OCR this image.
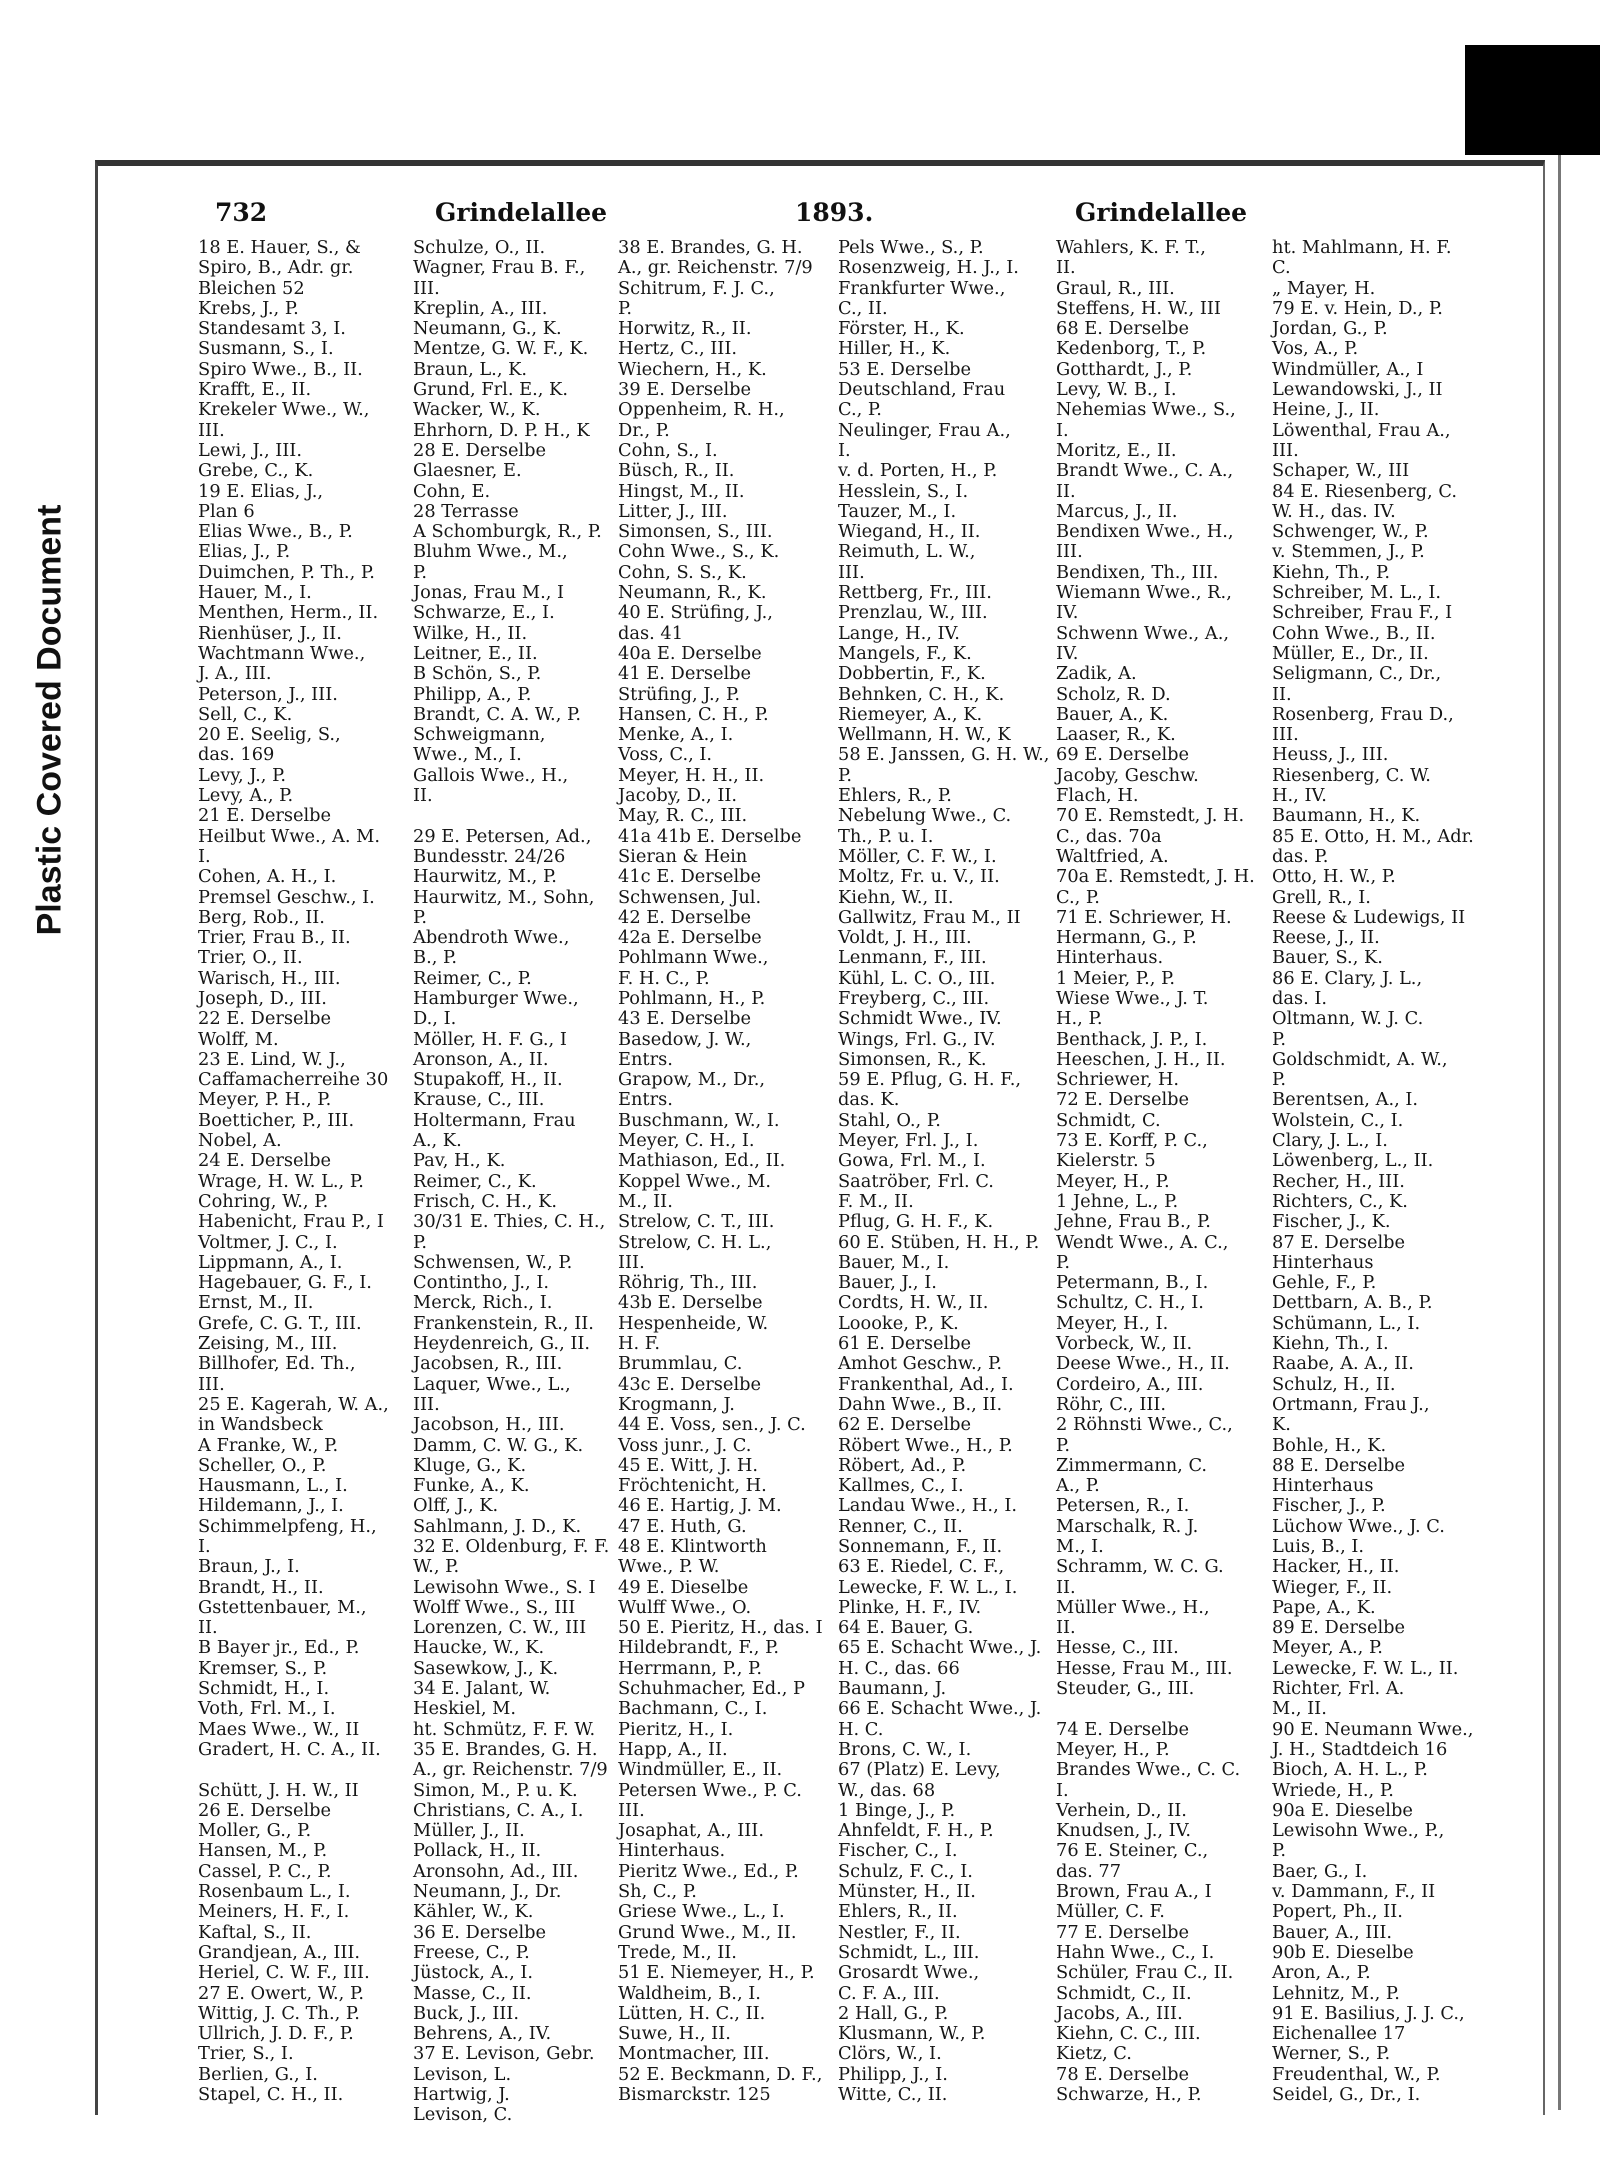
Plastic Covered Document
732	Grindelallee	1893.	Grindelallee
18 E. Hauer, S., &
Spiro, B., Adr. gr.
Bleichen 52
Krebs, J., P.
Standesamt 3, I.
Susmann, S., I.
Spiro Wwe., B., II.
Krafft, E., II.
Krekeler Wwe., W.,
III.
Lewi, J., III.
Grebe, C., K.
19 E. Elias, J.,
Plan 6
Elias Wwe., B., P.
Elias, J., P.
Duimchen, P. Th., P.
Hauer, M., I.
Menthen, Herm., II.
Rienhüser, J., II.
Wachtmann Wwe.,
J. A., III.
Peterson, J., III.
Sell, C., K.
20 E. Seelig, S.,
das. 169
Levy, J., P.
Levy, A., P.
21 E. Derselbe
Heilbut Wwe., A. M.
I.
Cohen, A. H., I.
Premsel Geschw., I.
Berg, Rob., II.
Trier, Frau B., II.
Trier, O., II.
Warisch, H., III.
Joseph, D., III.
22 E. Derselbe
Wolff, M.
23 E. Lind, W. J.,
Caffamacherreihe 30
Meyer, P. H., P.
Boetticher, P., III.
Nobel, A.
24 E. Derselbe
Wrage, H. W. L., P.
Cohring, W., P.
Habenicht, Frau P., I
Voltmer, J. C., I.
Lippmann, A., I.
Hagebauer, G. F., I.
Ernst, M., II.
Grefe, C. G. T., III.
Zeising, M., III.
Billhofer, Ed. Th.,
III.
25 E. Kagerah, W. A.,
in Wandsbeck
A Franke, W., P.
Scheller, O., P.
Hausmann, L., I.
Hildemann, J., I.
Schimmelpfeng, H.,
I.
Braun, J., I.
Brandt, H., II.
Gstettenbauer, M.,
II.
B Bayer jr., Ed., P.
Kremser, S., P.
Schmidt, H., I.
Voth, Frl. M., I.
Maes Wwe., W., II
Gradert, H. C. A., II.
Schütt, J. H. W., II
26 E. Derselbe
Moller, G., P.
Hansen, M., P.
Cassel, P. C., P.
Rosenbaum L., I.
Meiners, H. F., I.
Kaftal, S., II.
Grandjean, A., III.
Heriel, C. W. F., III.
27 E. Owert, W., P.
Wittig, J. C. Th., P.
Ullrich, J. D. F., P.
Trier, S., I.
Berlien, G., I.
Stapel, C. H., II.
Schulze, O., II.
Wagner, Frau B. F.,
III.
Kreplin, A., III.
Neumann, G., K.
Mentze, G. W. F., K.
Braun, L., K.
Grund, Frl. E., K.
Wacker, W., K.
Ehrhorn, D. P. H., K
28 E. Derselbe
Glaesner, E.
Cohn, E.
28 Terrasse
A Schomburgk, R., P.
Bluhm Wwe., M.,
P.
Jonas, Frau M., I
Schwarze, E., I.
Wilke, H., II.
Leitner, E., II.
B Schön, S., P.
Philipp, A., P.
Brandt, C. A. W., P.
Schweigmann,
Wwe., M., I.
Gallois Wwe., H.,
II.
29 E. Petersen, Ad.,
Bundesstr. 24/26
Haurwitz, M., P.
Haurwitz, M., Sohn,
P.
Abendroth Wwe.,
B., P.
Reimer, C., P.
Hamburger Wwe.,
D., I.
Möller, H. F. G., I
Aronson, A., II.
Stupakoff, H., II.
Krause, C., III.
Holtermann, Frau
A., K.
Pav, H., K.
Reimer, C., K.
Frisch, C. H., K.
30/31 E. Thies, C. H.,
P.
Schwensen, W., P.
Contintho, J., I.
Merck, Rich., I.
Frankenstein, R., II.
Heydenreich, G., II.
Jacobsen, R., III.
Laquer, Wwe., L.,
III.
Jacobson, H., III.
Damm, C. W. G., K.
Kluge, G., K.
Funke, A., K.
Olff, J., K.
Sahlmann, J. D., K.
32 E. Oldenburg, F. F.
W., P.
Lewisohn Wwe., S. I
Wolff Wwe., S., III
Lorenzen, C. W., III
Haucke, W., K.
Sasewkow, J., K.
34 E. Jalant, W.
Heskiel, M.
ht. Schmütz, F. F. W.
35 E. Brandes, G. H.
A., gr. Reichenstr. 7/9
Simon, M., P. u. K.
Christians, C. A., I.
Müller, J., II.
Pollack, H., II.
Aronsohn, Ad., III.
Neumann, J., Dr.
Kähler, W., K.
36 E. Derselbe
Freese, C., P.
Jüstock, A., I.
Masse, C., II.
Buck, J., III.
Behrens, A., IV.
37 E. Levison, Gebr.
Levison, L.
Hartwig, J.
Levison, C.
38 E. Brandes, G. H.
A., gr. Reichenstr. 7/9
Schitrum, F. J. C.,
P.
Horwitz, R., II.
Hertz, C., III.
Wiechern, H., K.
39 E. Derselbe
Oppenheim, R. H.,
Dr., P.
Cohn, S., I.
Büsch, R., II.
Hingst, M., II.
Litter, J., III.
Simonsen, S., III.
Cohn Wwe., S., K.
Cohn, S. S., K.
Neumann, R., K.
40 E. Strüfing, J.,
das. 41
40a E. Derselbe
41 E. Derselbe
Strüfing, J., P.
Hansen, C. H., P.
Menke, A., I.
Voss, C., I.
Meyer, H. H., II.
Jacoby, D., II.
May, R. C., III.
41a 41b E. Derselbe
Sieran & Hein
41c E. Derselbe
Schwensen, Jul.
42 E. Derselbe
42a E. Derselbe
Pohlmann Wwe.,
F. H. C., P.
Pohlmann, H., P.
43 E. Derselbe
Basedow, J. W.,
Entrs.
Grapow, M., Dr.,
Entrs.
Buschmann, W., I.
Meyer, C. H., I.
Mathiason, Ed., II.
Koppel Wwe., M.
M., II.
Strelow, C. T., III.
Strelow, C. H. L.,
III.
Röhrig, Th., III.
43b E. Derselbe
Hespenheide, W.
H. F.
Brummlau, C.
43c E. Derselbe
Krogmann, J.
44 E. Voss, sen., J. C.
Voss junr., J. C.
45 E. Witt, J. H.
Fröchtenicht, H.
46 E. Hartig, J. M.
47 E. Huth, G.
48 E. Klintworth
Wwe., P. W.
49 E. Dieselbe
Wulff Wwe., O.
50 E. Pieritz, H., das. I
Hildebrandt, F., P.
Herrmann, P., P.
Schuhmacher, Ed., P
Bachmann, C., I.
Pieritz, H., I.
Happ, A., II.
Windmüller, E., II.
Petersen Wwe., P. C.
III.
Josaphat, A., III.
Hinterhaus.
Pieritz Wwe., Ed., P.
Sh, C., P.
Griese Wwe., L., I.
Grund Wwe., M., II.
Trede, M., II.
51 E. Niemeyer, H., P.
Waldheim, B., I.
Lütten, H. C., II.
Suwe, H., II.
Montmacher, III.
52 E. Beckmann, D. F.,
Bismarckstr. 125
Pels Wwe., S., P.
Rosenzweig, H. J., I.
Frankfurter Wwe.,
C., II.
Förster, H., K.
Hiller, H., K.
53 E. Derselbe
Deutschland, Frau
C., P.
Neulinger, Frau A.,
I.
v. d. Porten, H., P.
Hesslein, S., I.
Tauzer, M., I.
Wiegand, H., II.
Reimuth, L. W.,
III.
Rettberg, Fr., III.
Prenzlau, W., III.
Lange, H., IV.
Mangels, F., K.
Dobbertin, F., K.
Behnken, C. H., K.
Riemeyer, A., K.
Wellmann, H. W., K
58 E. Janssen, G. H. W.,
P.
Ehlers, R., P.
Nebelung Wwe., C.
Th., P. u. I.
Möller, C. F. W., I.
Moltz, Fr. u. V., II.
Kiehn, W., II.
Gallwitz, Frau M., II
Voldt, J. H., III.
Lenmann, F., III.
Kühl, L. C. O., III.
Freyberg, C., III.
Schmidt Wwe., IV.
Wings, Frl. G., IV.
Simonsen, R., K.
59 E. Pflug, G. H. F.,
das. K.
Stahl, O., P.
Meyer, Frl. J., I.
Gowa, Frl. M., I.
Saatröber, Frl. C.
F. M., II.
Pflug, G. H. F., K.
60 E. Stüben, H. H., P.
Bauer, M., I.
Bauer, J., I.
Cordts, H. W., II.
Loooke, P., K.
61 E. Derselbe
Amhot Geschw., P.
Frankenthal, Ad., I.
Dahn Wwe., B., II.
62 E. Derselbe
Röbert Wwe., H., P.
Röbert, Ad., P.
Kallmes, C., I.
Landau Wwe., H., I.
Renner, C., II.
Sonnemann, F., II.
63 E. Riedel, C. F.,
Lewecke, F. W. L., I.
Plinke, H. F., IV.
64 E. Bauer, G.
65 E. Schacht Wwe., J.
H. C., das. 66
Baumann, J.
66 E. Schacht Wwe., J.
H. C.
Brons, C. W., I.
67 (Platz) E. Levy,
W., das. 68
1 Binge, J., P.
Ahnfeldt, F. H., P.
Fischer, C., I.
Schulz, F. C., I.
Münster, H., II.
Ehlers, R., II.
Nestler, F., II.
Schmidt, L., III.
Grosardt Wwe.,
C. F. A., III.
2 Hall, G., P.
Klusmann, W., P.
Clörs, W., I.
Philipp, J., I.
Witte, C., II.
Wahlers, K. F. T.,
II.
Graul, R., III.
Steffens, H. W., III
68 E. Derselbe
Kedenborg, T., P.
Gotthardt, J., P.
Levy, W. B., I.
Nehemias Wwe., S.,
I.
Moritz, E., II.
Brandt Wwe., C. A.,
II.
Marcus, J., II.
Bendixen Wwe., H.,
III.
Bendixen, Th., III.
Wiemann Wwe., R.,
IV.
Schwenn Wwe., A.,
IV.
Zadik, A.
Scholz, R. D.
Bauer, A., K.
Laaser, R., K.
69 E. Derselbe
Jacoby, Geschw.
Flach, H.
70 E. Remstedt, J. H.
C., das. 70a
Waltfried, A.
70a E. Remstedt, J. H.
C., P.
71 E. Schriewer, H.
Hermann, G., P.
Hinterhaus.
1 Meier, P., P.
Wiese Wwe., J. T.
H., P.
Benthack, J. P., I.
Heeschen, J. H., II.
Schriewer, H.
72 E. Derselbe
Schmidt, C.
73 E. Korff, P. C.,
Kielerstr. 5
Meyer, H., P.
1 Jehne, L., P.
Jehne, Frau B., P.
Wendt Wwe., A. C.,
P.
Petermann, B., I.
Schultz, C. H., I.
Meyer, H., I.
Vorbeck, W., II.
Deese Wwe., H., II.
Cordeiro, A., III.
Röhr, C., III.
2 Röhnsti Wwe., C.,
P.
Zimmermann, C.
A., P.
Petersen, R., I.
Marschalk, R. J.
M., I.
Schramm, W. C. G.
II.
Müller Wwe., H.,
II.
Hesse, C., III.
Hesse, Frau M., III.
Steuder, G., III.
74 E. Derselbe
Meyer, H., P.
Brandes Wwe., C. C.
I.
Verhein, D., II.
Knudsen, J., IV.
76 E. Steiner, C.,
das. 77
Brown, Frau A., I
Müller, C. F.
77 E. Derselbe
Hahn Wwe., C., I.
Schüler, Frau C., II.
Schmidt, C., II.
Jacobs, A., III.
Kiehn, C. C., III.
Kietz, C.
78 E. Derselbe
Schwarze, H., P.
ht. Mahlmann, H. F.
C.
„ Mayer, H.
79 E. v. Hein, D., P.
Jordan, G., P.
Vos, A., P.
Windmüller, A., I
Lewandowski, J., II
Heine, J., II.
Löwenthal, Frau A.,
III.
Schaper, W., III
84 E. Riesenberg, C.
W. H., das. IV.
Schwenger, W., P.
v. Stemmen, J., P.
Kiehn, Th., P.
Schreiber, M. L., I.
Schreiber, Frau F., I
Cohn Wwe., B., II.
Müller, E., Dr., II.
Seligmann, C., Dr.,
II.
Rosenberg, Frau D.,
III.
Heuss, J., III.
Riesenberg, C. W.
H., IV.
Baumann, H., K.
85 E. Otto, H. M., Adr.
das. P.
Otto, H. W., P.
Grell, R., I.
Reese & Ludewigs, II
Reese, J., II.
Bauer, S., K.
86 E. Clary, J. L.,
das. I.
Oltmann, W. J. C.
P.
Goldschmidt, A. W.,
P.
Berentsen, A., I.
Wolstein, C., I.
Clary, J. L., I.
Löwenberg, L., II.
Recher, H., III.
Richters, C., K.
Fischer, J., K.
87 E. Derselbe
Hinterhaus
Gehle, F., P.
Dettbarn, A. B., P.
Schümann, L., I.
Kiehn, Th., I.
Raabe, A. A., II.
Schulz, H., II.
Ortmann, Frau J.,
K.
Bohle, H., K.
88 E. Derselbe
Hinterhaus
Fischer, J., P.
Lüchow Wwe., J. C.
Luis, B., I.
Hacker, H., II.
Wieger, F., II.
Pape, A., K.
89 E. Derselbe
Meyer, A., P.
Lewecke, F. W. L., II.
Richter, Frl. A.
M., II.
90 E. Neumann Wwe.,
J. H., Stadtdeich 16
Bioch, A. H. L., P.
Wriede, H., P.
90a E. Dieselbe
Lewisohn Wwe., P.,
P.
Baer, G., I.
v. Dammann, F., II
Popert, Ph., II.
Bauer, A., III.
90b E. Dieselbe
Aron, A., P.
Lehnitz, M., P.
91 E. Basilius, J. J. C.,
Eichenallee 17
Werner, S., P.
Freudenthal, W., P.
Seidel, G., Dr., I.
